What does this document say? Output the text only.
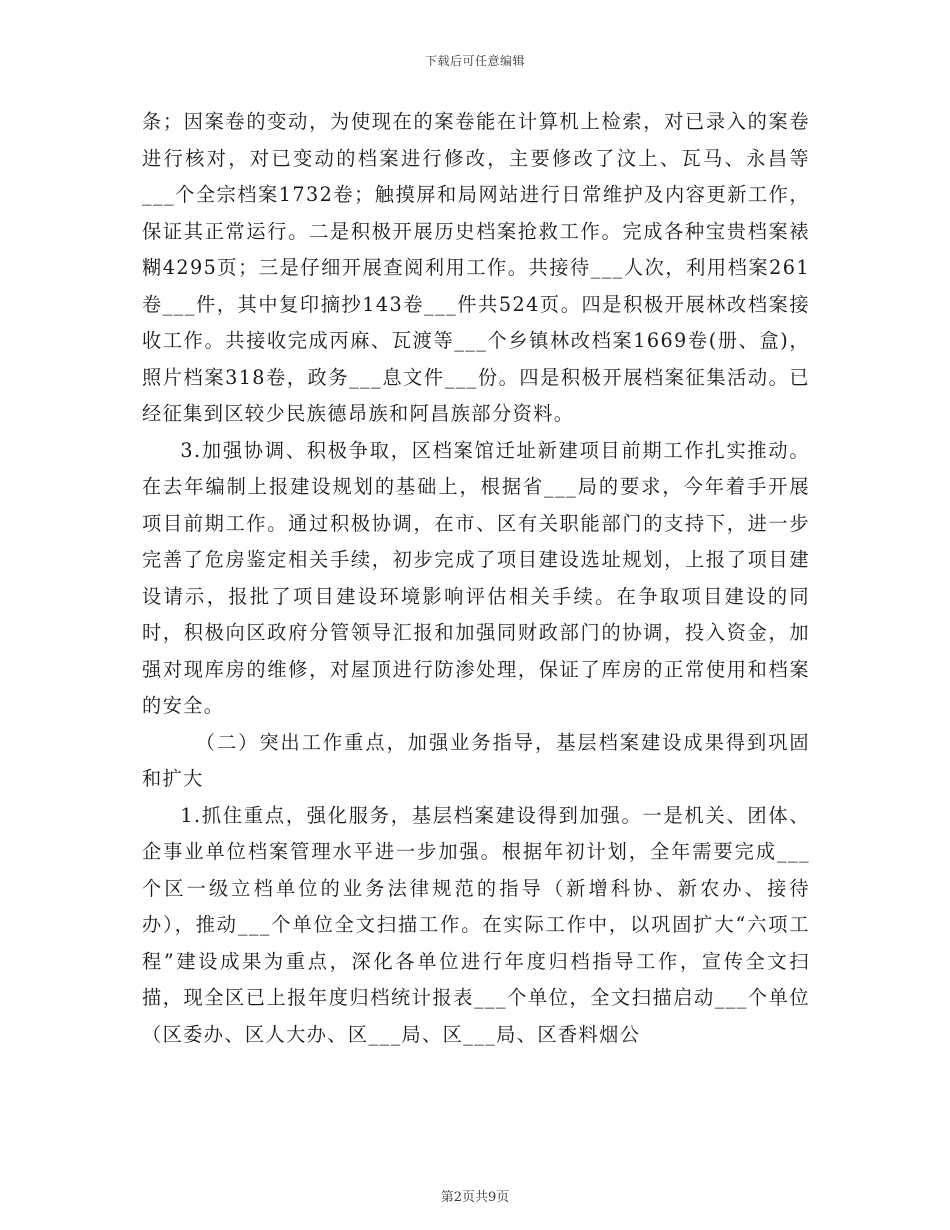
下载后可任意编辑

条；因案卷的变动，为使现在的案卷能在计算机上检索，对已录入的案卷进行核对，对已变动的档案进行修改，主要修改了汶上、瓦马、永昌等___个全宗档案1732卷；触摸屏和局网站进行日常维护及内容更新工作，保证其正常运行。二是积极开展历史档案抢救工作。完成各种宝贵档案裱糊4295页；三是仔细开展查阅利用工作。共接待___人次，利用档案261卷___件，其中复印摘抄143卷___件共524页。四是积极开展林改档案接收工作。共接收完成丙麻、瓦渡等___个乡镇林改档案1669卷(册、盒)，照片档案318卷，政务___息文件___份。四是积极开展档案征集活动。已经征集到区较少民族德昂族和阿昌族部分资料。

3.加强协调、积极争取，区档案馆迁址新建项目前期工作扎实推动。在去年编制上报建设规划的基础上，根据省___局的要求，今年着手开展项目前期工作。通过积极协调，在市、区有关职能部门的支持下，进一步完善了危房鉴定相关手续，初步完成了项目建设选址规划，上报了项目建设请示，报批了项目建设环境影响评估相关手续。在争取项目建设的同时，积极向区政府分管领导汇报和加强同财政部门的协调，投入资金，加强对现库房的维修，对屋顶进行防渗处理，保证了库房的正常使用和档案的安全。

（二）突出工作重点，加强业务指导，基层档案建设成果得到巩固和扩大

1.抓住重点，强化服务，基层档案建设得到加强。一是机关、团体、企事业单位档案管理水平进一步加强。根据年初计划，全年需要完成___个区一级立档单位的业务法律规范的指导（新增科协、新农办、接待办），推动___个单位全文扫描工作。在实际工作中，以巩固扩大“六项工程”建设成果为重点，深化各单位进行年度归档指导工作，宣传全文扫描，现全区已上报年度归档统计报表___个单位，全文扫描启动___个单位（区委办、区人大办、区___局、区___局、区香料烟公

第2页共9页
